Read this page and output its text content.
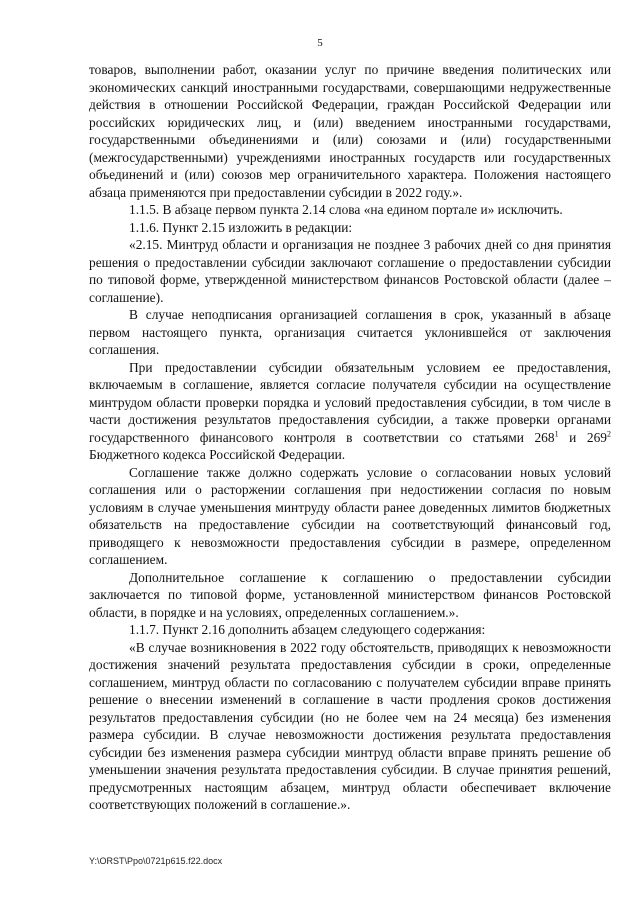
5

товаров, выполнении работ, оказании услуг по причине введения политических или экономических санкций иностранными государствами, совершающими недружественные действия в отношении Российской Федерации, граждан Российской Федерации или российских юридических лиц, и (или) введением иностранными государствами, государственными объединениями и (или) союзами и (или) государственными (межгосударственными) учреждениями иностранных государств или государственных объединений и (или) союзов мер ограничительного характера. Положения настоящего абзаца применяются при предоставлении субсидии в 2022 году.».

1.1.5. В абзаце первом пункта 2.14 слова «на едином портале и» исключить.

1.1.6. Пункт 2.15 изложить в редакции:

«2.15. Минтруд области и организация не позднее 3 рабочих дней со дня принятия решения о предоставлении субсидии заключают соглашение о предоставлении субсидии по типовой форме, утвержденной министерством финансов Ростовской области (далее – соглашение).

В случае неподписания организацией соглашения в срок, указанный в абзаце первом настоящего пункта, организация считается уклонившейся от заключения соглашения.

При предоставлении субсидии обязательным условием ее предоставления, включаемым в соглашение, является согласие получателя субсидии на осуществление минтрудом области проверки порядка и условий предоставления субсидии, в том числе в части достижения результатов предоставления субсидии, а также проверки органами государственного финансового контроля в соответствии со статьями $268^1$ и $269^2$ Бюджетного кодекса Российской Федерации.

Соглашение также должно содержать условие о согласовании новых условий соглашения или о расторжении соглашения при недостижении согласия по новым условиям в случае уменьшения минтруду области ранее доведенных лимитов бюджетных обязательств на предоставление субсидии на соответствующий финансовый год, приводящего к невозможности предоставления субсидии в размере, определенном соглашением.

Дополнительное соглашение к соглашению о предоставлении субсидии заключается по типовой форме, установленной министерством финансов Ростовской области, в порядке и на условиях, определенных соглашением.».

1.1.7. Пункт 2.16 дополнить абзацем следующего содержания:

«В случае возникновения в 2022 году обстоятельств, приводящих к невозможности достижения значений результата предоставления субсидии в сроки, определенные соглашением, минтруд области по согласованию с получателем субсидии вправе принять решение о внесении изменений в соглашение в части продления сроков достижения результатов предоставления субсидии (но не более чем на 24 месяца) без изменения размера субсидии. В случае невозможности достижения результата предоставления субсидии без изменения размера субсидии минтруд области вправе принять решение об уменьшении значения результата предоставления субсидии. В случае принятия решений, предусмотренных настоящим абзацем, минтруд области обеспечивает включение соответствующих положений в соглашение.».

Y:\ORST\Ppo\0721p615.f22.docx
